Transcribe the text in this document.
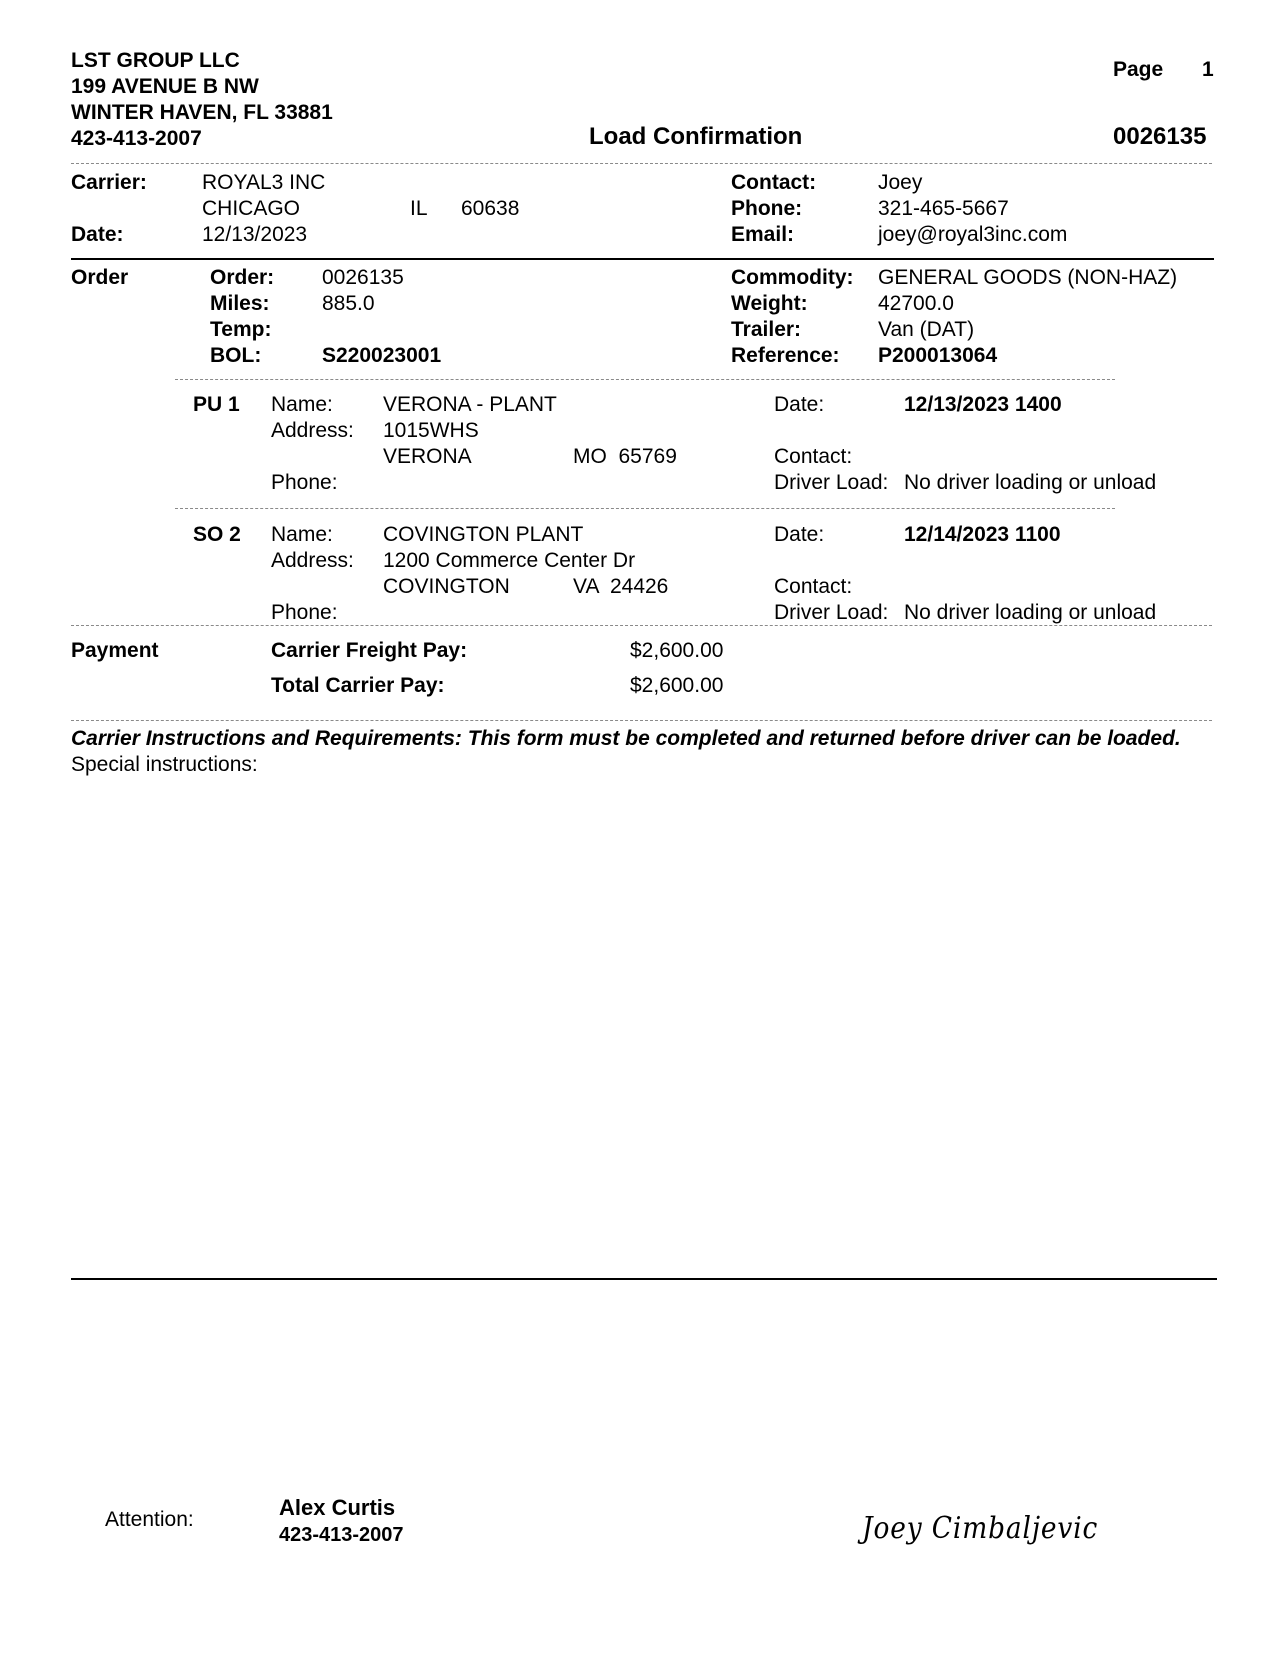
LST GROUP LLC
199 AVENUE B NW
WINTER HAVEN, FL 33881
423-413-2007
Page 1
Load Confirmation	0026135
Carrier:	ROYAL3 INC
CHICAGO	IL 60638
Date:	12/13/2023
Contact:	Joey
Phone:	321-465-5667
Email:	joey@royal3inc.com
Order	Order: 0026135
Miles: 885.0
Temp:
BOL:	S220023001
Commodity: GENERAL GOODS (NON-HAZ)
Weight:	42700.0
Trailer:	Van (DAT)
Reference: P200013064
PU 1 Name: VERONA - PLANT
Address: 1015WHS
VERONA	MO  65769
Phone:
Date:	12/13/2023 1400
Contact:
Driver Load: No driver loading or unload
SO 2 Name: COVINGTON PLANT
Address: 1200 Commerce Center Dr
COVINGTON	VA  24426
Phone:
Date:	12/14/2023 1100
Contact:
Driver Load: No driver loading or unload
Payment	Carrier Freight Pay:	$2,600.00
Total Carrier Pay:	$2,600.00
Carrier Instructions and Requirements: This form must be completed and returned before driver can be loaded.
Special instructions:
Attention:	Alex Curtis
423-413-2007	Joey Cimbaljevic
